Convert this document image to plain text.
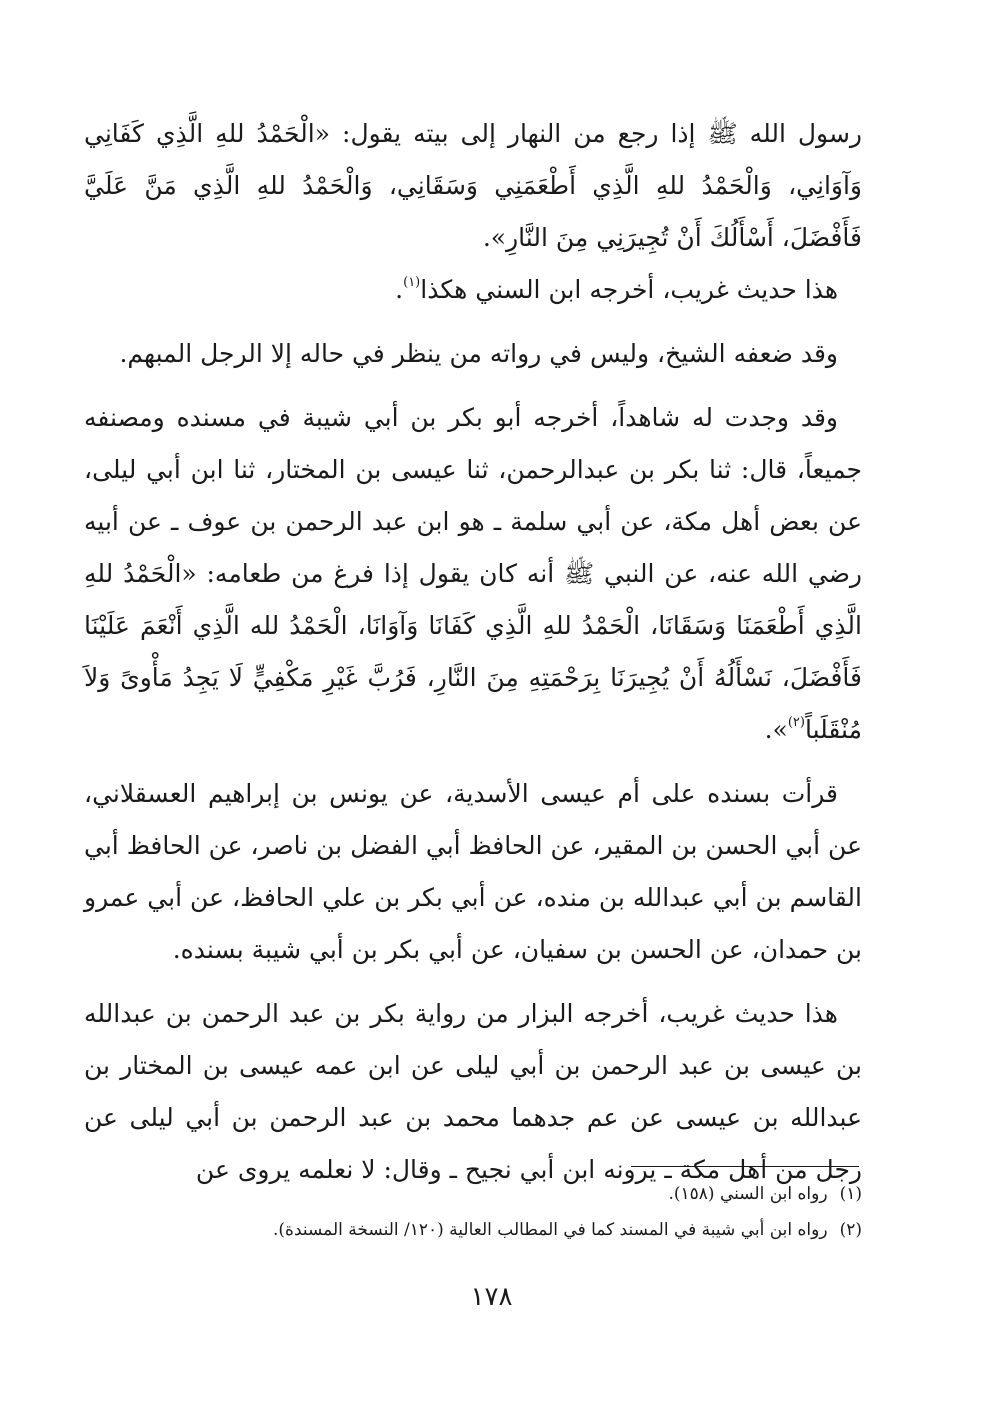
رسول الله ﷺ إذا رجع من النهار إلى بيته يقول: «الْحَمْدُ للهِ الَّذِي كَفَانِي وَآوَانِي، وَالْحَمْدُ للهِ الَّذِي أَطْعَمَنِي وَسَقَانِي، وَالْحَمْدُ للهِ الَّذِي مَنَّ عَلَيَّ فَأَفْضَلَ، أَسْأَلُكَ أَنْ تُجِيرَنِي مِنَ النَّارِ».

هذا حديث غريب، أخرجه ابن السني هكذا$^{(١)}$.

وقد ضعفه الشيخ، وليس في رواته من ينظر في حاله إلا الرجل المبهم.

وقد وجدت له شاهداً، أخرجه أبو بكر بن أبي شيبة في مسنده ومصنفه جميعاً، قال: ثنا بكر بن عبدالرحمن، ثنا عيسى بن المختار، ثنا ابن أبي ليلى، عن بعض أهل مكة، عن أبي سلمة ـ هو ابن عبد الرحمن بن عوف ـ عن أبيه رضي الله عنه، عن النبي ﷺ أنه كان يقول إذا فرغ من طعامه: «الْحَمْدُ للهِ الَّذِي أَطْعَمَنَا وَسَقَانَا، الْحَمْدُ للهِ الَّذِي كَفَانَا وَآوَانَا، الْحَمْدُ لله الَّذِي أَنْعَمَ عَلَيْنَا فَأَفْضَلَ، نَسْأَلُهُ أَنْ يُجِيرَنَا بِرَحْمَتِهِ مِنَ النَّارِ، فَرُبَّ غَيْرِ مَكْفِيٍّ لَا يَجِدُ مَأْوىً وَلاَ مُنْقَلَباً$^{(٢)}$».

قرأت بسنده على أم عيسى الأسدية، عن يونس بن إبراهيم العسقلاني، عن أبي الحسن بن المقير، عن الحافظ أبي الفضل بن ناصر، عن الحافظ أبي القاسم بن أبي عبدالله بن منده، عن أبي بكر بن علي الحافظ، عن أبي عمرو بن حمدان، عن الحسن بن سفيان، عن أبي بكر بن أبي شيبة بسنده.

هذا حديث غريب، أخرجه البزار من رواية بكر بن عبد الرحمن بن عبدالله بن عيسى بن عبد الرحمن بن أبي ليلى عن ابن عمه عيسى بن المختار بن عبدالله بن عيسى عن عم جدهما محمد بن عبد الرحمن بن أبي ليلى عن رجل من أهل مكة ـ يرونه ابن أبي نجيح ـ وقال: لا نعلمه يروى عن

(١)رواه ابن السني (١٥٨).
(٢)رواه ابن أبي شيبة في المسند كما في المطالب العالية (١٢٠/ النسخة المسندة).
١٧٨
